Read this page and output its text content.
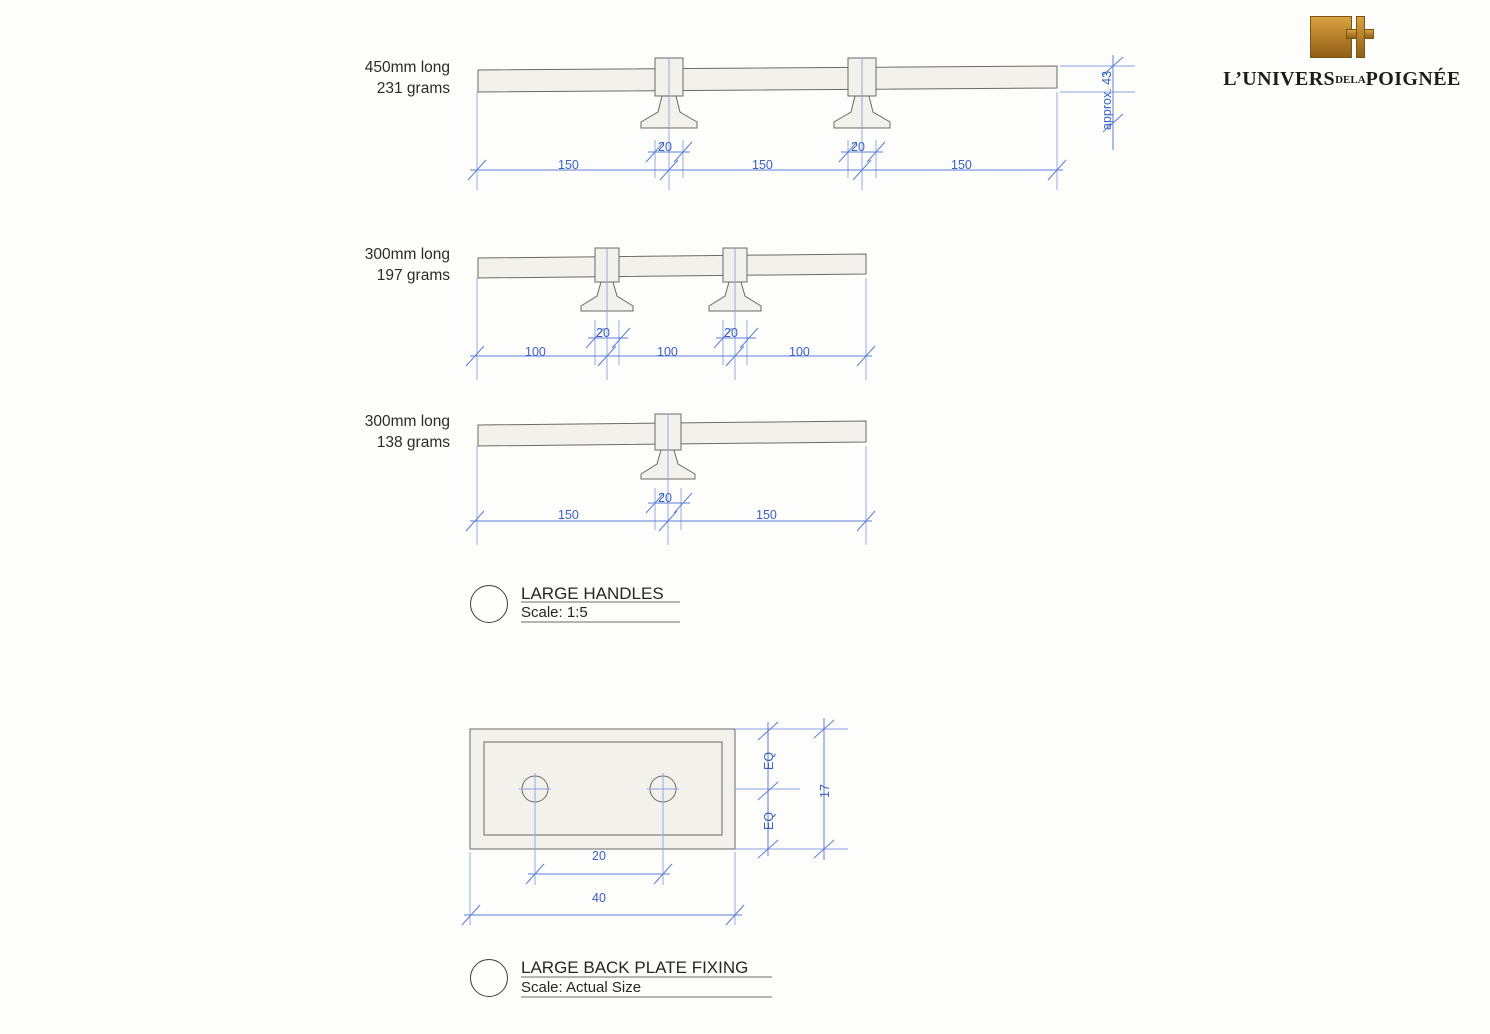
L’UNIVERSDELAPOIGNÉE
450mm long
231 grams
300mm long
197 grams
300mm long
138 grams
150
20
150
20
150
approx. 43
100
20
100
20
100
150
20
150
LARGE HANDLES
Scale: 1:5
EQ
EQ
17
20
40
LARGE BACK PLATE FIXING
Scale: Actual Size
